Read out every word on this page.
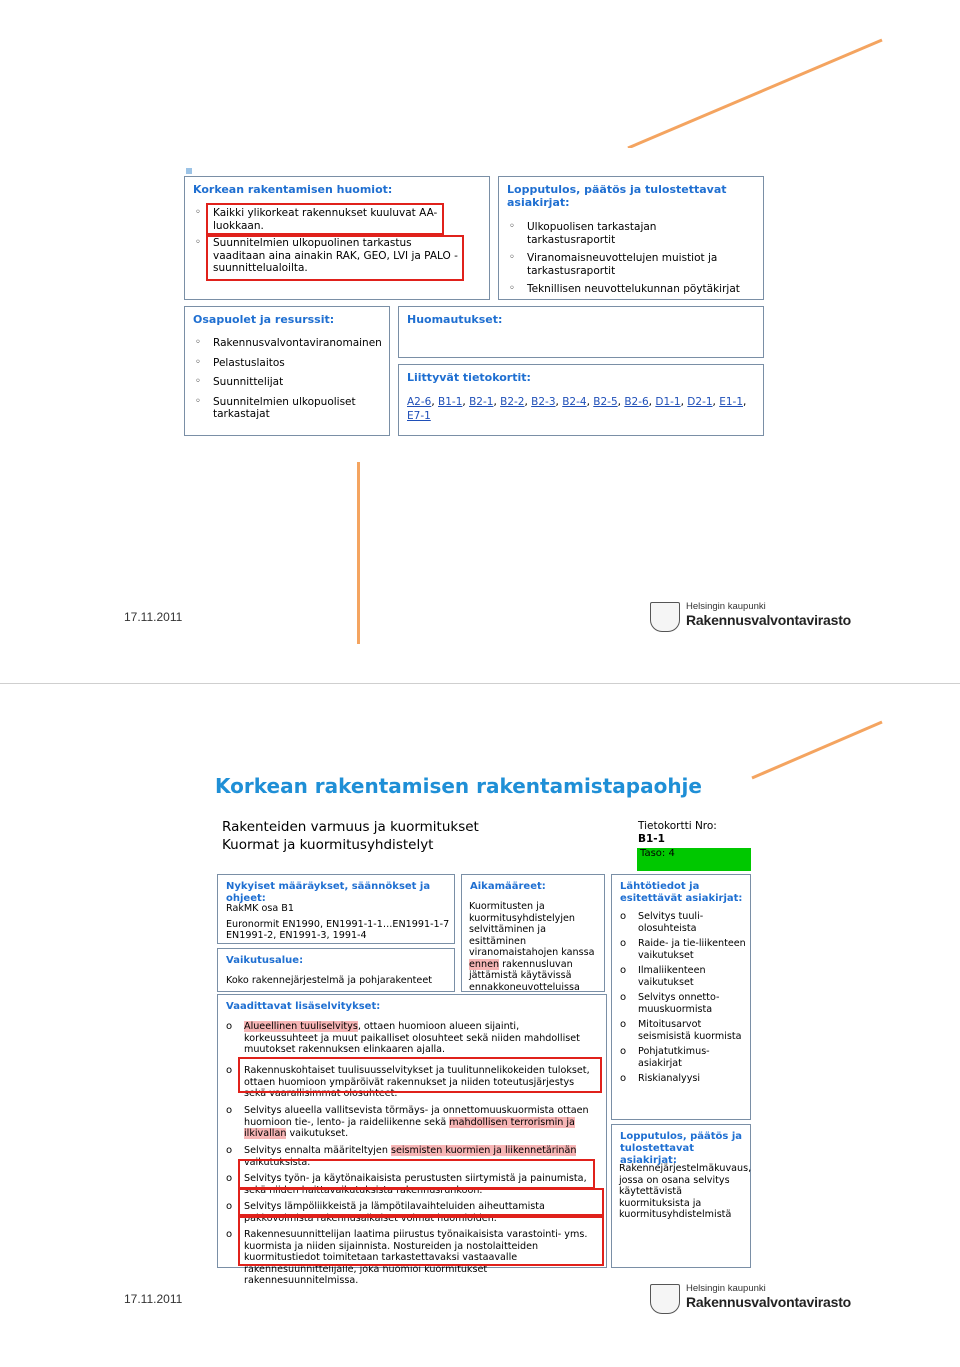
Korkean rakentamisen huomiot:
◦ Kaikki ylikorkeat rakennukset kuuluvat AA-luokkaan.
◦ Suunnitelmien ulkopuolinen tarkastus vaaditaan aina ainakin RAK, GEO, LVI ja PALO -suunnittelualoilta.
Lopputulos, päätös ja tulostettavat asiakirjat:
◦ Ulkopuolisen tarkastajan tarkastusraportit
◦ Viranomaisneuvottelujen muistiot ja tarkastusraportit
◦ Teknillisen neuvottelukunnan pöytäkirjat
Osapuolet ja resurssit:
◦ Rakennusvalvontaviranomainen
◦ Pelastuslaitos
◦ Suunnittelijat
◦ Suunnitelmien ulkopuoliset tarkastajat
Huomautukset:
Liittyvät tietokortit:
A2-6, B1-1, B2-1, B2-2, B2-3, B2-4, B2-5, B2-6, D1-1, D2-1, E1-1, E7-1
17.11.2011
Helsingin kaupunki
Rakennusvalvontavirasto
Korkean rakentamisen rakentamistapaohje
Rakenteiden varmuus ja kuormitukset
Kuormat ja kuormitusyhdistelyt
Tietokortti Nro:
B1-1
Taso: 4
Nykyiset määräykset, säännökset ja ohjeet:
RakMK osa B1
Euronormit EN1990, EN1991-1-1…EN1991-1-7
EN1991-2, EN1991-3, 1991-4
Vaikutusalue:
Koko rakennejärjestelmä ja pohjarakenteet
Aikamääreet:
Kuormitusten ja kuormitusyhdistelyjen selvittäminen ja esittäminen viranomaistahojen kanssa ennen rakennusluvan jättämistä käytävissä ennakkoneuvotteluissa
Lähtötiedot ja esitettävät asiakirjat:
o Selvitys tuuli-olosuhteista
o Raide- ja tie-liikenteen vaikutukset
o Ilmaliikenteen vaikutukset
o Selvitys onnetto-muuskuormista
o Mitoitusarvot seismisistä kuormista
o Pohjatutkimus-asiakirjat
o Riskianalyysi
Lopputulos, päätös ja tulostettavat asiakirjat:
Rakennejärjestelmäkuvaus, jossa on osana selvitys käytettävistä kuormituksista ja kuormitusyhdistelmistä
Vaadittavat lisäselvitykset:
o Alueellinen tuuliselvitys, ottaen huomioon alueen sijainti, korkeussuhteet ja muut paikalliset olosuhteet sekä niiden mahdolliset muutokset rakennuksen elinkaaren ajalla.
o Rakennuskohtaiset tuulisuusselvitykset ja tuulitunnelikokeiden tulokset, ottaen huomioon ympäröivät rakennukset ja niiden toteutusjärjestys sekä vaarallisimmat olosuhteet.
o Selvitys alueella vallitsevista törmäys- ja onnettomuuskuormista ottaen huomioon tie-, lento- ja raideliikenne sekä mahdollisen terrorismin ja ilkivallan vaikutukset.
o Selvitys ennalta määriteltyjen seismisten kuormien ja liikennetärinän vaikutuksista.
o Selvitys työn- ja käytönaikaisista perustusten siirtymistä ja painumista, sekä niiden haittavaikutuksista rakennusrunkoon.
o Selvitys lämpöliikkeistä ja lämpötilavaihteluiden aiheuttamista pakkovoimista rakennusaikaiset voimat huomioiden.
o Rakennesuunnittelijan laatima piirustus työnaikaisista varastointi- yms. kuormista ja niiden sijainnista. Nostureiden ja nostolaitteiden kuormitustiedot toimitetaan tarkastettavaksi vastaavalle rakennesuunnittelijalle, joka huomioi kuormitukset rakennesuunnitelmissa.
17.11.2011
Helsingin kaupunki
Rakennusvalvontavirasto
